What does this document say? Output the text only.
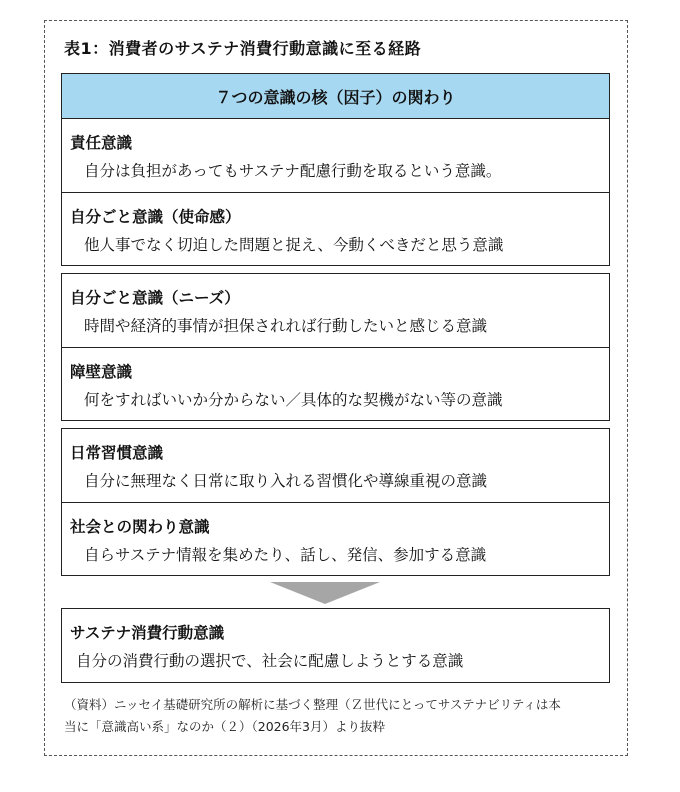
表1：消費者のサステナ消費行動意識に至る経路
７つの意識の核（因子）の関わり
責任意識
自分は負担があってもサステナ配慮行動を取るという意識。
自分ごと意識（使命感）
他人事でなく切迫した問題と捉え、今動くべきだと思う意識
自分ごと意識（ニーズ）
時間や経済的事情が担保されれば行動したいと感じる意識
障壁意識
何をすればいいか分からない／具体的な契機がない等の意識
日常習慣意識
自分に無理なく日常に取り入れる習慣化や導線重視の意識
社会との関わり意識
自らサステナ情報を集めたり、話し、発信、参加する意識
サステナ消費行動意識
自分の消費行動の選択で、社会に配慮しようとする意識
（資料）ニッセイ基礎研究所の解析に基づく整理（Ｚ世代にとってサステナビリティは本
当に「意識高い系」なのか（２）（2026年3月）より抜粋
